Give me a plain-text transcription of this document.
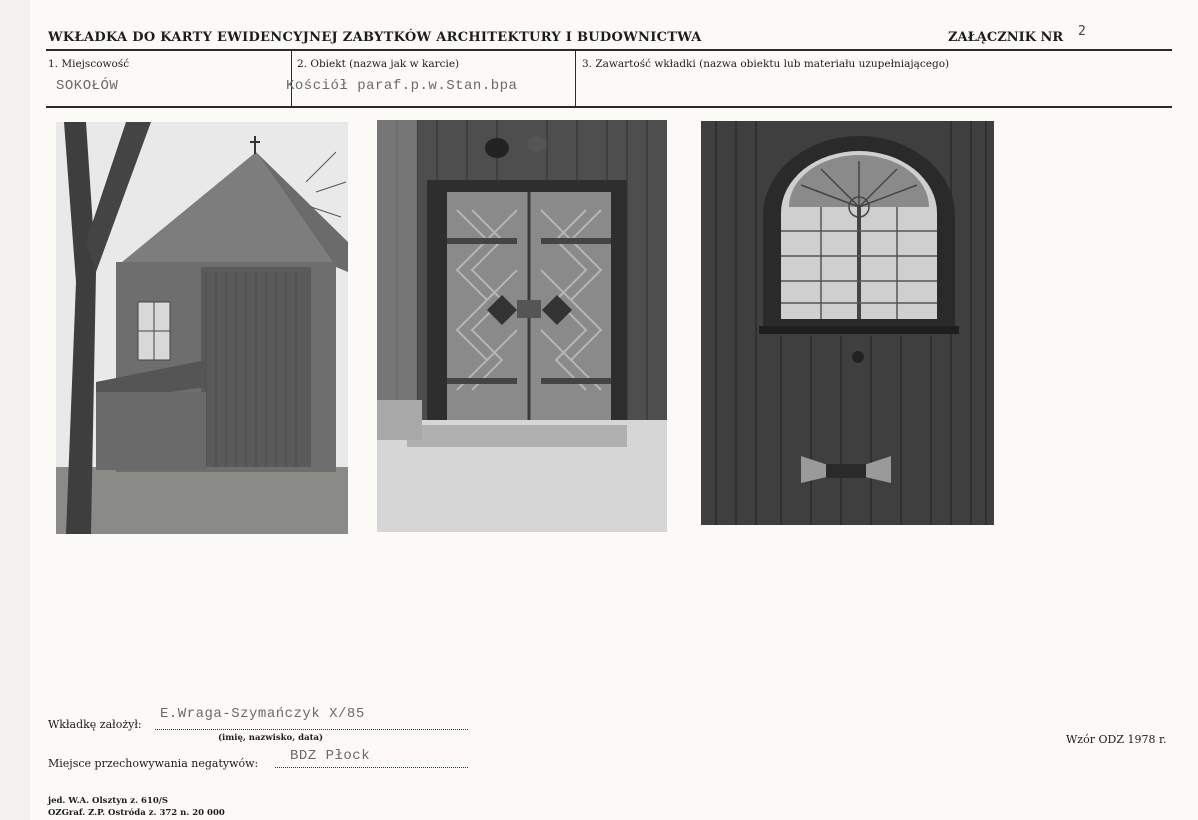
WKŁADKA DO KARTY EWIDENCYJNEJ ZABYTKÓW ARCHITEKTURY I BUDOWNICTWA	ZAŁĄCZNIK NR 2
1. Miejscowość
SOKOŁÓW
2. Obiekt (nazwa jak w karcie)
Kościół paraf.p.w.Stan.bpa
3. Zawartość wkładki (nazwa obiektu lub materiału uzupełniającego)
Wkładkę założył:
E.Wraga-Szymańczyk X/85
(imię, nazwisko, data)
Miejsce przechowywania negatywów: BDZ Płock
Wzór ODZ 1978 r.
jed. W.A. Olsztyn z. 610/S
OZGraf. Z.P. Ostróda z. 372 n. 20 000
